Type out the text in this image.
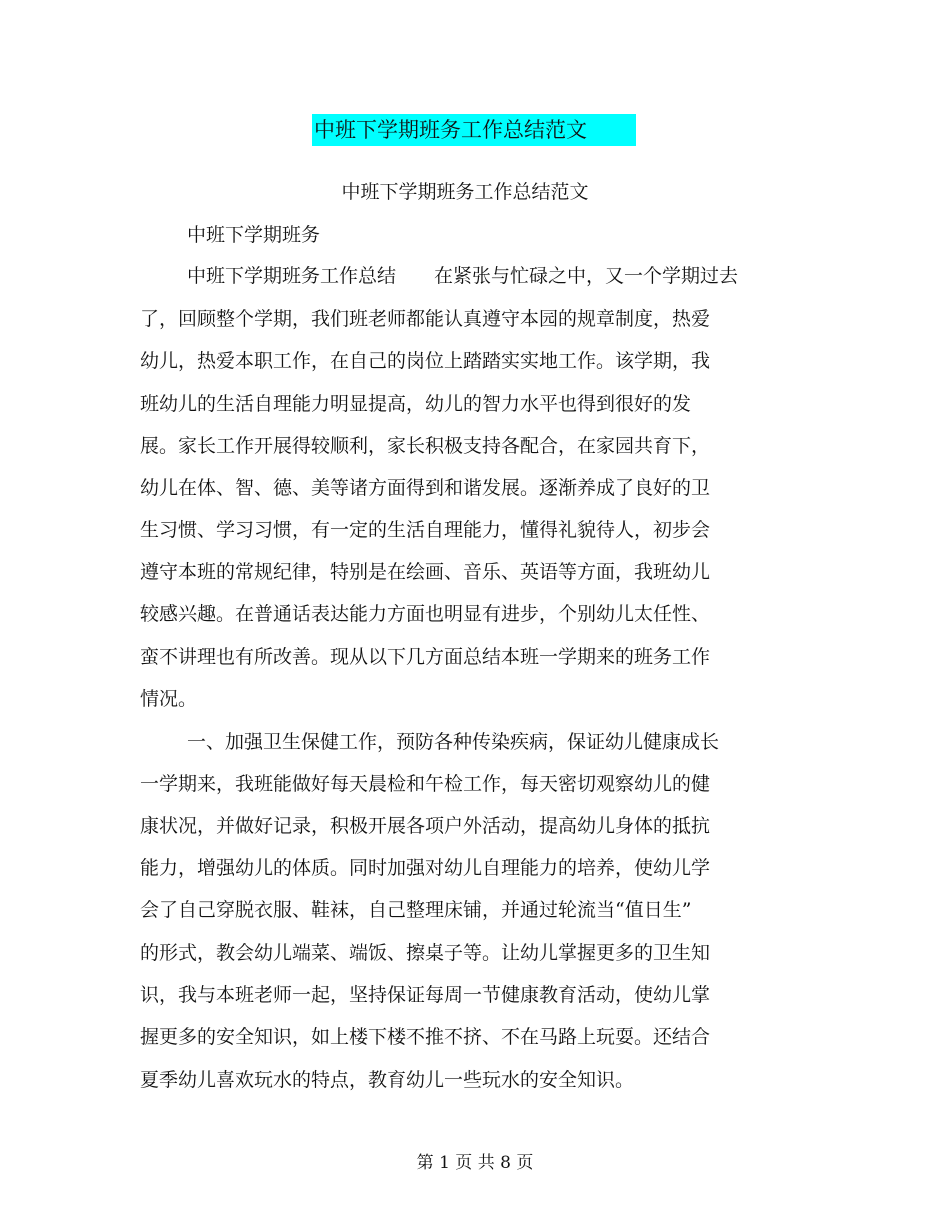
中班下学期班务工作总结范文
中班下学期班务工作总结范文
中班下学期班务
中班下学期班务工作总结　　在紧张与忙碌之中，又一个学期过去
了，回顾整个学期，我们班老师都能认真遵守本园的规章制度，热爱
幼儿，热爱本职工作，在自己的岗位上踏踏实实地工作。该学期，我
班幼儿的生活自理能力明显提高，幼儿的智力水平也得到很好的发
展。家长工作开展得较顺利，家长积极支持各配合，在家园共育下，
幼儿在体、智、德、美等诸方面得到和谐发展。逐渐养成了良好的卫
生习惯、学习习惯，有一定的生活自理能力，懂得礼貌待人，初步会
遵守本班的常规纪律，特别是在绘画、音乐、英语等方面，我班幼儿
较感兴趣。在普通话表达能力方面也明显有进步，个别幼儿太任性、
蛮不讲理也有所改善。现从以下几方面总结本班一学期来的班务工作
情况。
一、加强卫生保健工作，预防各种传染疾病，保证幼儿健康成长
一学期来，我班能做好每天晨检和午检工作，每天密切观察幼儿的健
康状况，并做好记录，积极开展各项户外活动，提高幼儿身体的抵抗
能力，增强幼儿的体质。同时加强对幼儿自理能力的培养，使幼儿学
会了自己穿脱衣服、鞋袜，自己整理床铺，并通过轮流当“值日生”
的形式，教会幼儿端菜、端饭、擦桌子等。让幼儿掌握更多的卫生知
识，我与本班老师一起，坚持保证每周一节健康教育活动，使幼儿掌
握更多的安全知识，如上楼下楼不推不挤、不在马路上玩耍。还结合
夏季幼儿喜欢玩水的特点，教育幼儿一些玩水的安全知识。
第 1 页 共 8 页
